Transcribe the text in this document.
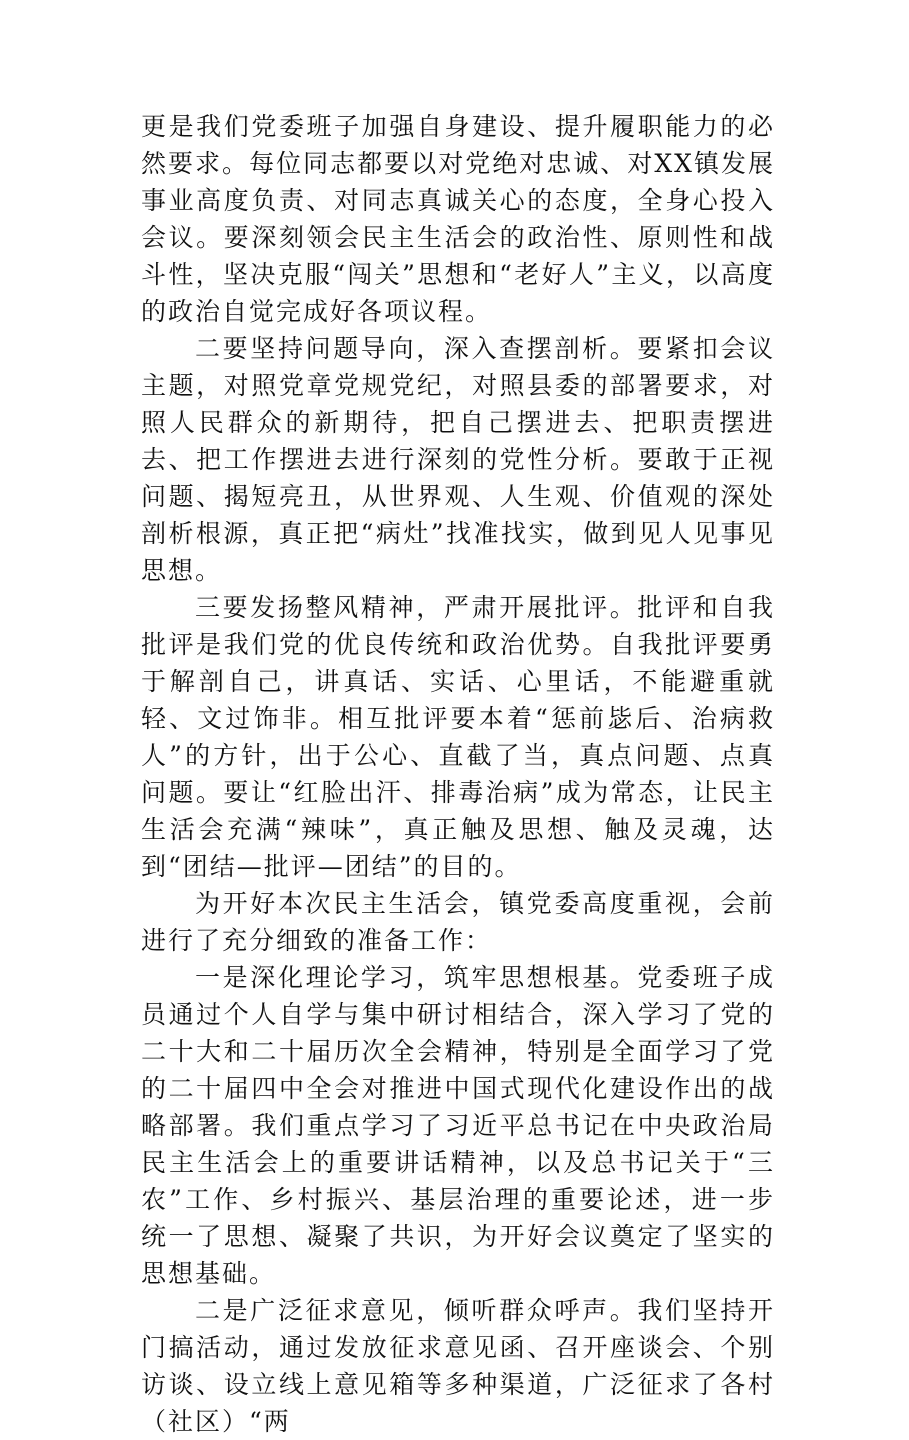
更是我们党委班子加强自身建设、提升履职能力的必然要求。每位同志都要以对党绝对忠诚、对XX镇发展事业高度负责、对同志真诚关心的态度，全身心投入会议。要深刻领会民主生活会的政治性、原则性和战斗性，坚决克服“闯关”思想和“老好人”主义，以高度的政治自觉完成好各项议程。

二要坚持问题导向，深入查摆剖析。要紧扣会议主题，对照党章党规党纪，对照县委的部署要求，对照人民群众的新期待，把自己摆进去、把职责摆进去、把工作摆进去进行深刻的党性分析。要敢于正视问题、揭短亮丑，从世界观、人生观、价值观的深处剖析根源，真正把“病灶”找准找实，做到见人见事见思想。

三要发扬整风精神，严肃开展批评。批评和自我批评是我们党的优良传统和政治优势。自我批评要勇于解剖自己，讲真话、实话、心里话，不能避重就轻、文过饰非。相互批评要本着“惩前毖后、治病救人”的方针，出于公心、直截了当，真点问题、点真问题。要让“红脸出汗、排毒治病”成为常态，让民主生活会充满“辣味”，真正触及思想、触及灵魂，达到“团结—批评—团结”的目的。

为开好本次民主生活会，镇党委高度重视，会前进行了充分细致的准备工作：

一是深化理论学习，筑牢思想根基。党委班子成员通过个人自学与集中研讨相结合，深入学习了党的二十大和二十届历次全会精神，特别是全面学习了党的二十届四中全会对推进中国式现代化建设作出的战略部署。我们重点学习了习近平总书记在中央政治局民主生活会上的重要讲话精神，以及总书记关于“三农”工作、乡村振兴、基层治理的重要论述，进一步统一了思想、凝聚了共识，为开好会议奠定了坚实的思想基础。

二是广泛征求意见，倾听群众呼声。我们坚持开门搞活动，通过发放征求意见函、召开座谈会、个别访谈、设立线上意见箱等多种渠道，广泛征求了各村（社区）“两
